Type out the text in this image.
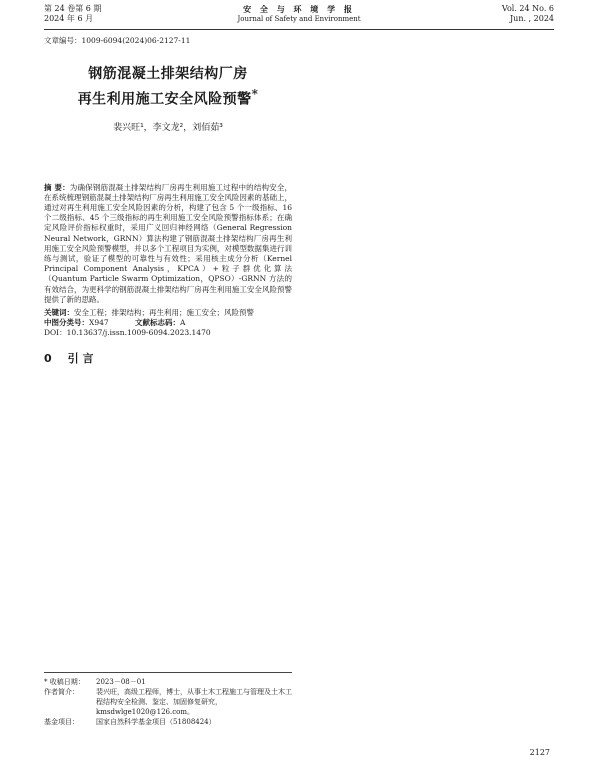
第 24 卷第 6 期
2024 年 6 月
安 全 与 环 境 学 报
Journal of Safety and Environment
Vol. 24 No. 6
Jun. , 2024
文章编号：1009-6094(2024)06-2127-11
钢筋混凝土排架结构厂房
再生利用施工安全风险预警*
裴兴旺¹，李文龙²，刘佰茹³
摘 要：为确保钢筋混凝土排架结构厂房再生利用施工过程中的结构安全，在系统梳理钢筋混凝土排架结构厂房再生利用施工安全风险因素的基础上，通过对再生利用施工安全风险因素的分析，构建了包含 5 个一级指标、16 个二级指标、45 个三级指标的再生利用施工安全风险预警指标体系；在确定风险评价指标权重时，采用广义回归神经网络（General Regression Neural Network，GRNN）算法构建了钢筋混凝土排架结构厂房再生利用施工安全风险预警模型，并以多个工程项目为实例，对模型数据集进行训练与测试，验证了模型的可靠性与有效性；采用核主成分分析（Kernel Principal Component Analysis，KPCA）+粒子群优化算法（Quantum Particle Swarm Optimization，QPSO）-GRNN 方法的有效结合，为更科学的钢筋混凝土排架结构厂房再生利用施工安全风险预警提供了新的思路。
关键词：安全工程；排架结构；再生利用；施工安全；风险预警
中图分类号：X947	文献标志码：A
DOI：10.13637/j.issn.1009-6094.2023.1470
0 引 言
* 收稿日期：	2023－08－01
作者简介：	裴兴旺，高级工程师，博士，从事土木工程施工与管理及土木工程结构安全检测、鉴定、加固修复研究，kmsdwlge1020@126.com。
基金项目：	国家自然科学基金项目（51808424）
2127
